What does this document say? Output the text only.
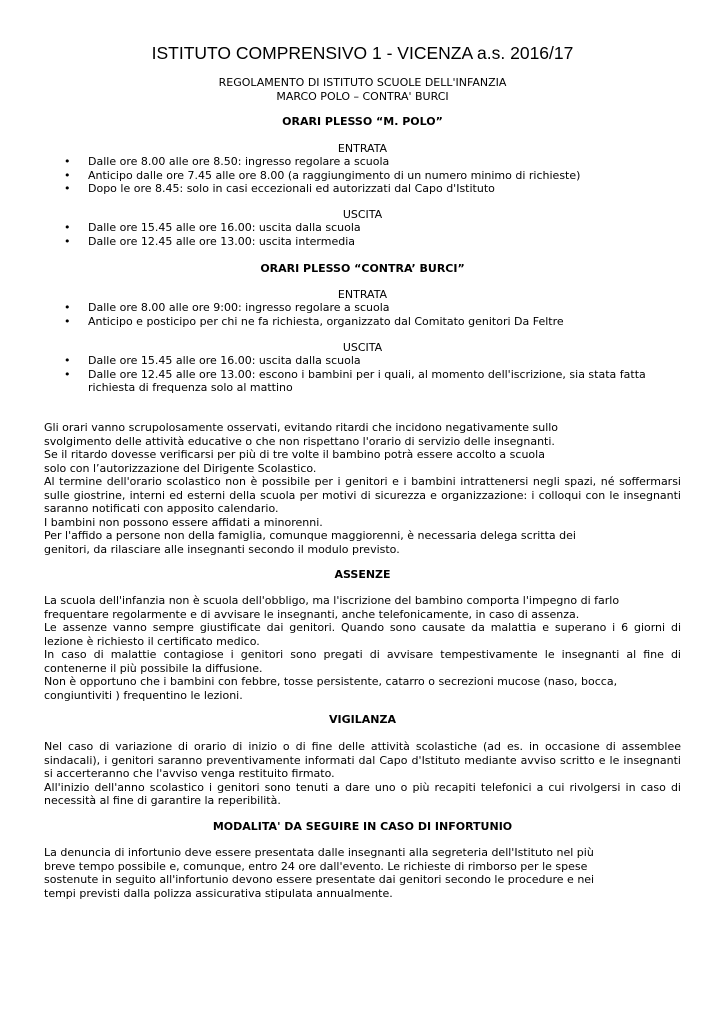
ISTITUTO COMPRENSIVO 1 - VICENZA a.s. 2016/17
REGOLAMENTO DI ISTITUTO SCUOLE DELL'INFANZIA
MARCO POLO – CONTRA' BURCI
ORARI PLESSO “M. POLO”
ENTRATA
• Dalle ore 8.00 alle ore 8.50: ingresso regolare a scuola
• Anticipo dalle ore 7.45 alle ore 8.00 (a raggiungimento di un numero minimo di richieste)
• Dopo le ore 8.45: solo in casi eccezionali ed autorizzati dal Capo d'Istituto
USCITA
• Dalle ore 15.45 alle ore 16.00: uscita dalla scuola
• Dalle ore 12.45 alle ore 13.00: uscita intermedia
ORARI PLESSO “CONTRA’ BURCI”
ENTRATA
• Dalle ore 8.00 alle ore 9:00: ingresso regolare a scuola
• Anticipo e posticipo per chi ne fa richiesta, organizzato dal Comitato genitori Da Feltre
USCITA
• Dalle ore 15.45 alle ore 16.00: uscita dalla scuola
• Dalle ore 12.45 alle ore 13.00: escono i bambini per i quali, al momento dell'iscrizione, sia stata fatta richiesta di frequenza solo al mattino
Gli orari vanno scrupolosamente osservati, evitando ritardi che incidono negativamente sullo
svolgimento delle attività educative o che non rispettano l'orario di servizio delle insegnanti.
Se il ritardo dovesse verificarsi per più di tre volte il bambino potrà essere accolto a scuola
solo con l’autorizzazione del Dirigente Scolastico.
Al termine dell'orario scolastico non è possibile per i genitori e i bambini intrattenersi negli spazi, né soffermarsi
sulle giostrine, interni ed esterni della scuola per motivi di sicurezza e organizzazione: i colloqui con le insegnanti
saranno notificati con apposito calendario.
I bambini non possono essere affidati a minorenni.
Per l'affido a persone non della famiglia, comunque maggiorenni, è necessaria delega scritta dei
genitori, da rilasciare alle insegnanti secondo il modulo previsto.
ASSENZE
La scuola dell'infanzia non è scuola dell'obbligo, ma l'iscrizione del bambino comporta l'impegno di farlo
frequentare regolarmente e di avvisare le insegnanti, anche telefonicamente, in caso di assenza.
Le assenze vanno sempre giustificate dai genitori. Quando sono causate da malattia e superano i 6 giorni di
lezione è richiesto il certificato medico.
In caso di malattie contagiose i genitori sono pregati di avvisare tempestivamente le insegnanti al fine di
contenerne il più possibile la diffusione.
Non è opportuno che i bambini con febbre, tosse persistente, catarro o secrezioni mucose (naso, bocca,
congiuntiviti ) frequentino le lezioni.
VIGILANZA
Nel caso di variazione di orario di inizio o di fine delle attività scolastiche (ad es. in occasione di assemblee
sindacali), i genitori saranno preventivamente informati dal Capo d'Istituto mediante avviso scritto e le insegnanti
si accerteranno che l'avviso venga restituito firmato.
All'inizio dell'anno scolastico i genitori sono tenuti a dare uno o più recapiti telefonici a cui rivolgersi in caso di
necessità al fine di garantire la reperibilità.
MODALITA' DA SEGUIRE IN CASO DI INFORTUNIO
La denuncia di infortunio deve essere presentata dalle insegnanti alla segreteria dell'Istituto nel più
breve tempo possibile e, comunque, entro 24 ore dall'evento. Le richieste di rimborso per le spese
sostenute in seguito all'infortunio devono essere presentate dai genitori secondo le procedure e nei
tempi previsti dalla polizza assicurativa stipulata annualmente.
